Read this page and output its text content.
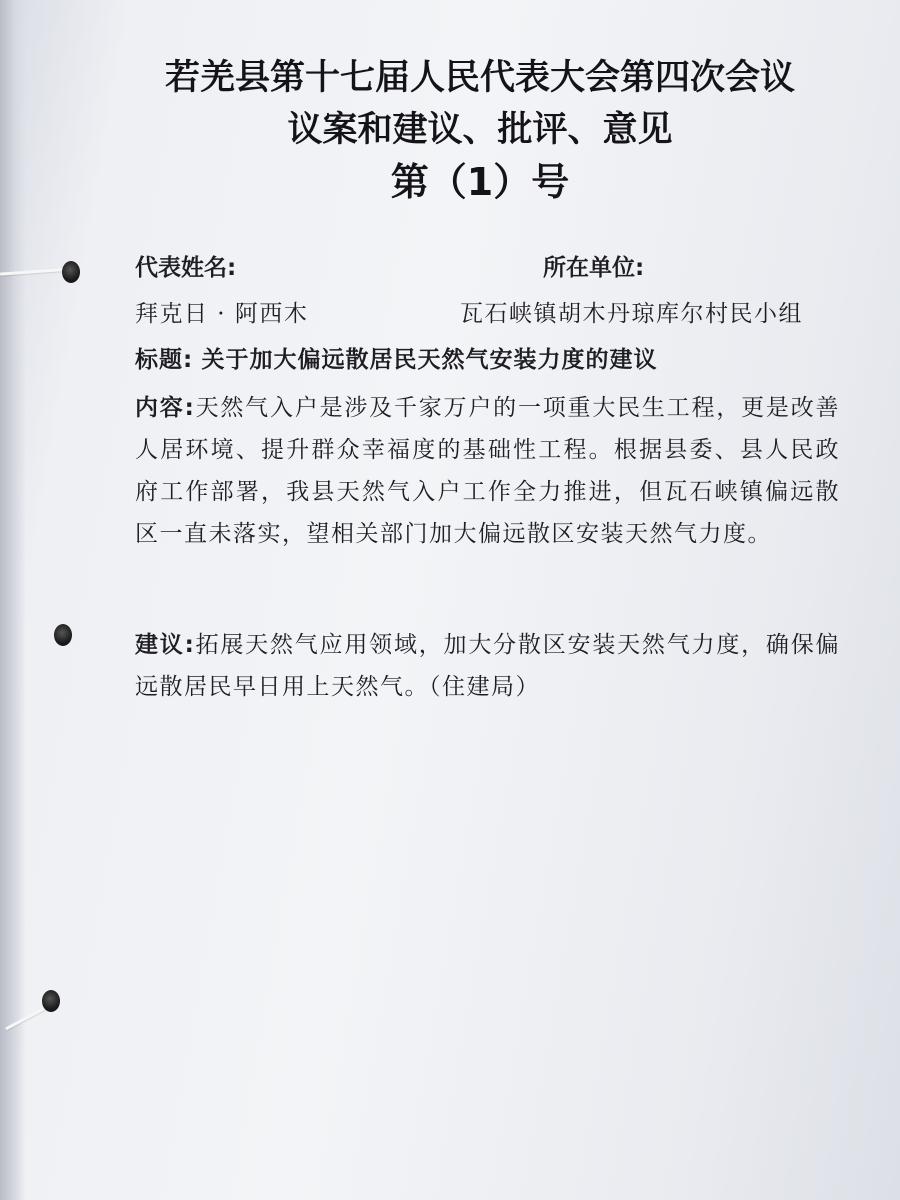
若羌县第十七届人民代表大会第四次会议
议案和建议、批评、意见
第（1）号
代表姓名:	所在单位:
拜克日 · 阿西木	瓦石峡镇胡木丹琼库尔村民小组
标题: 关于加大偏远散居民天然气安装力度的建议
内容:天然气入户是涉及千家万户的一项重大民生工程，更是改善人居环境、提升群众幸福度的基础性工程。根据县委、县人民政府工作部署，我县天然气入户工作全力推进，但瓦石峡镇偏远散区一直未落实，望相关部门加大偏远散区安装天然气力度。
建议:拓展天然气应用领域，加大分散区安装天然气力度，确保偏远散居民早日用上天然气。（住建局）
